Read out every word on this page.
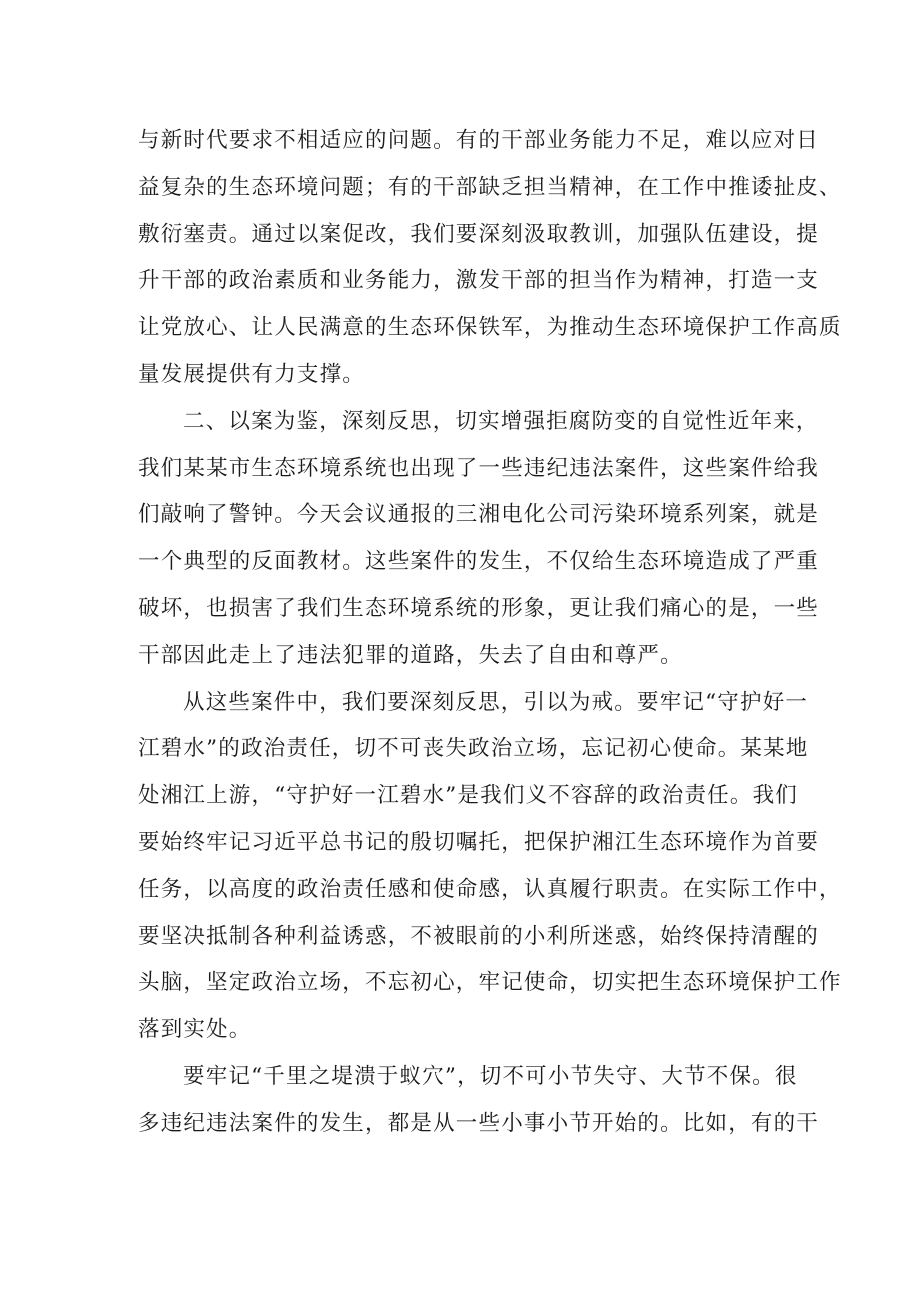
与新时代要求不相适应的问题。有的干部业务能力不足，难以应对日
益复杂的生态环境问题；有的干部缺乏担当精神，在工作中推诿扯皮、
敷衍塞责。通过以案促改，我们要深刻汲取教训，加强队伍建设，提
升干部的政治素质和业务能力，激发干部的担当作为精神，打造一支
让党放心、让人民满意的生态环保铁军，为推动生态环境保护工作高质
量发展提供有力支撑。
二、以案为鉴，深刻反思，切实增强拒腐防变的自觉性近年来，
我们某某市生态环境系统也出现了一些违纪违法案件，这些案件给我
们敲响了警钟。今天会议通报的三湘电化公司污染环境系列案，就是
一个典型的反面教材。这些案件的发生，不仅给生态环境造成了严重
破坏，也损害了我们生态环境系统的形象，更让我们痛心的是，一些
干部因此走上了违法犯罪的道路，失去了自由和尊严。
从这些案件中，我们要深刻反思，引以为戒。要牢记“守护好一
江碧水”的政治责任，切不可丧失政治立场，忘记初心使命。某某地
处湘江上游，“守护好一江碧水”是我们义不容辞的政治责任。我们
要始终牢记习近平总书记的殷切嘱托，把保护湘江生态环境作为首要
任务，以高度的政治责任感和使命感，认真履行职责。在实际工作中，
要坚决抵制各种利益诱惑，不被眼前的小利所迷惑，始终保持清醒的
头脑，坚定政治立场，不忘初心，牢记使命，切实把生态环境保护工作
落到实处。
要牢记“千里之堤溃于蚁穴”，切不可小节失守、大节不保。很
多违纪违法案件的发生，都是从一些小事小节开始的。比如，有的干
